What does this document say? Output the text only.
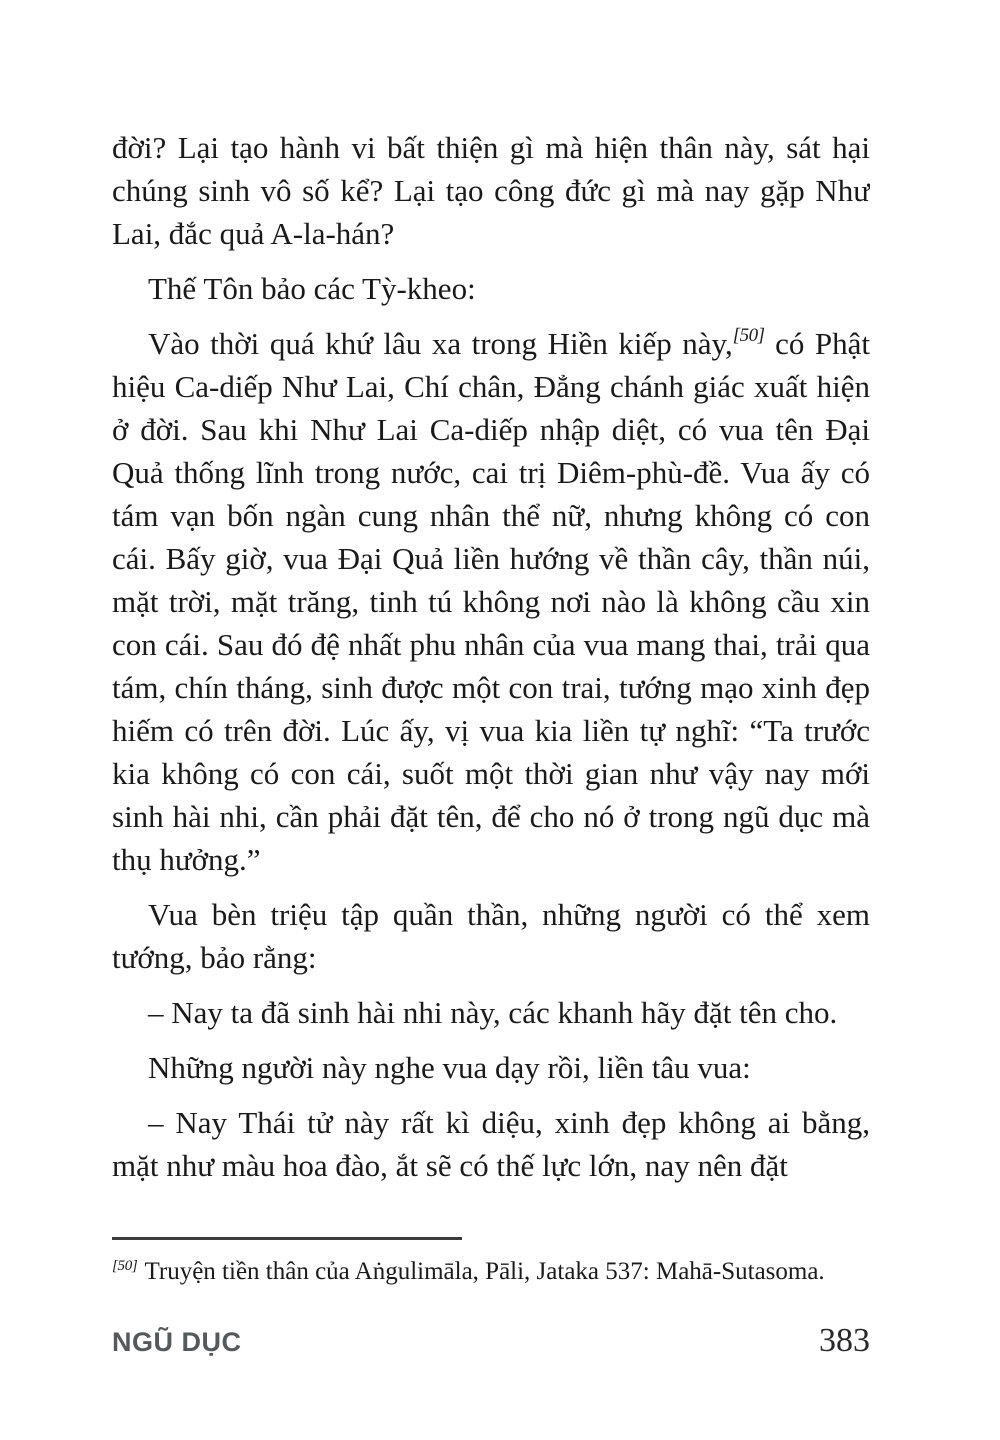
đời? Lại tạo hành vi bất thiện gì mà hiện thân này, sát hại chúng sinh vô số kể? Lại tạo công đức gì mà nay gặp Như Lai, đắc quả A-la-hán?

Thế Tôn bảo các Tỳ-kheo:

Vào thời quá khứ lâu xa trong Hiền kiếp này,[50] có Phật hiệu Ca-diếp Như Lai, Chí chân, Đẳng chánh giác xuất hiện ở đời. Sau khi Như Lai Ca-diếp nhập diệt, có vua tên Đại Quả thống lĩnh trong nước, cai trị Diêm-phù-đề. Vua ấy có tám vạn bốn ngàn cung nhân thể nữ, nhưng không có con cái. Bấy giờ, vua Đại Quả liền hướng về thần cây, thần núi, mặt trời, mặt trăng, tinh tú không nơi nào là không cầu xin con cái. Sau đó đệ nhất phu nhân của vua mang thai, trải qua tám, chín tháng, sinh được một con trai, tướng mạo xinh đẹp hiếm có trên đời. Lúc ấy, vị vua kia liền tự nghĩ: “Ta trước kia không có con cái, suốt một thời gian như vậy nay mới sinh hài nhi, cần phải đặt tên, để cho nó ở trong ngũ dục mà thụ hưởng.”

Vua bèn triệu tập quần thần, những người có thể xem tướng, bảo rằng:

– Nay ta đã sinh hài nhi này, các khanh hãy đặt tên cho.

Những người này nghe vua dạy rồi, liền tâu vua:

– Nay Thái tử này rất kì diệu, xinh đẹp không ai bằng, mặt như màu hoa đào, ắt sẽ có thế lực lớn, nay nên đặt

[50] Truyện tiền thân của Aṅgulimāla, Pāli, Jataka 537: Mahā-Sutasoma.

NGŨ DỤC	383
